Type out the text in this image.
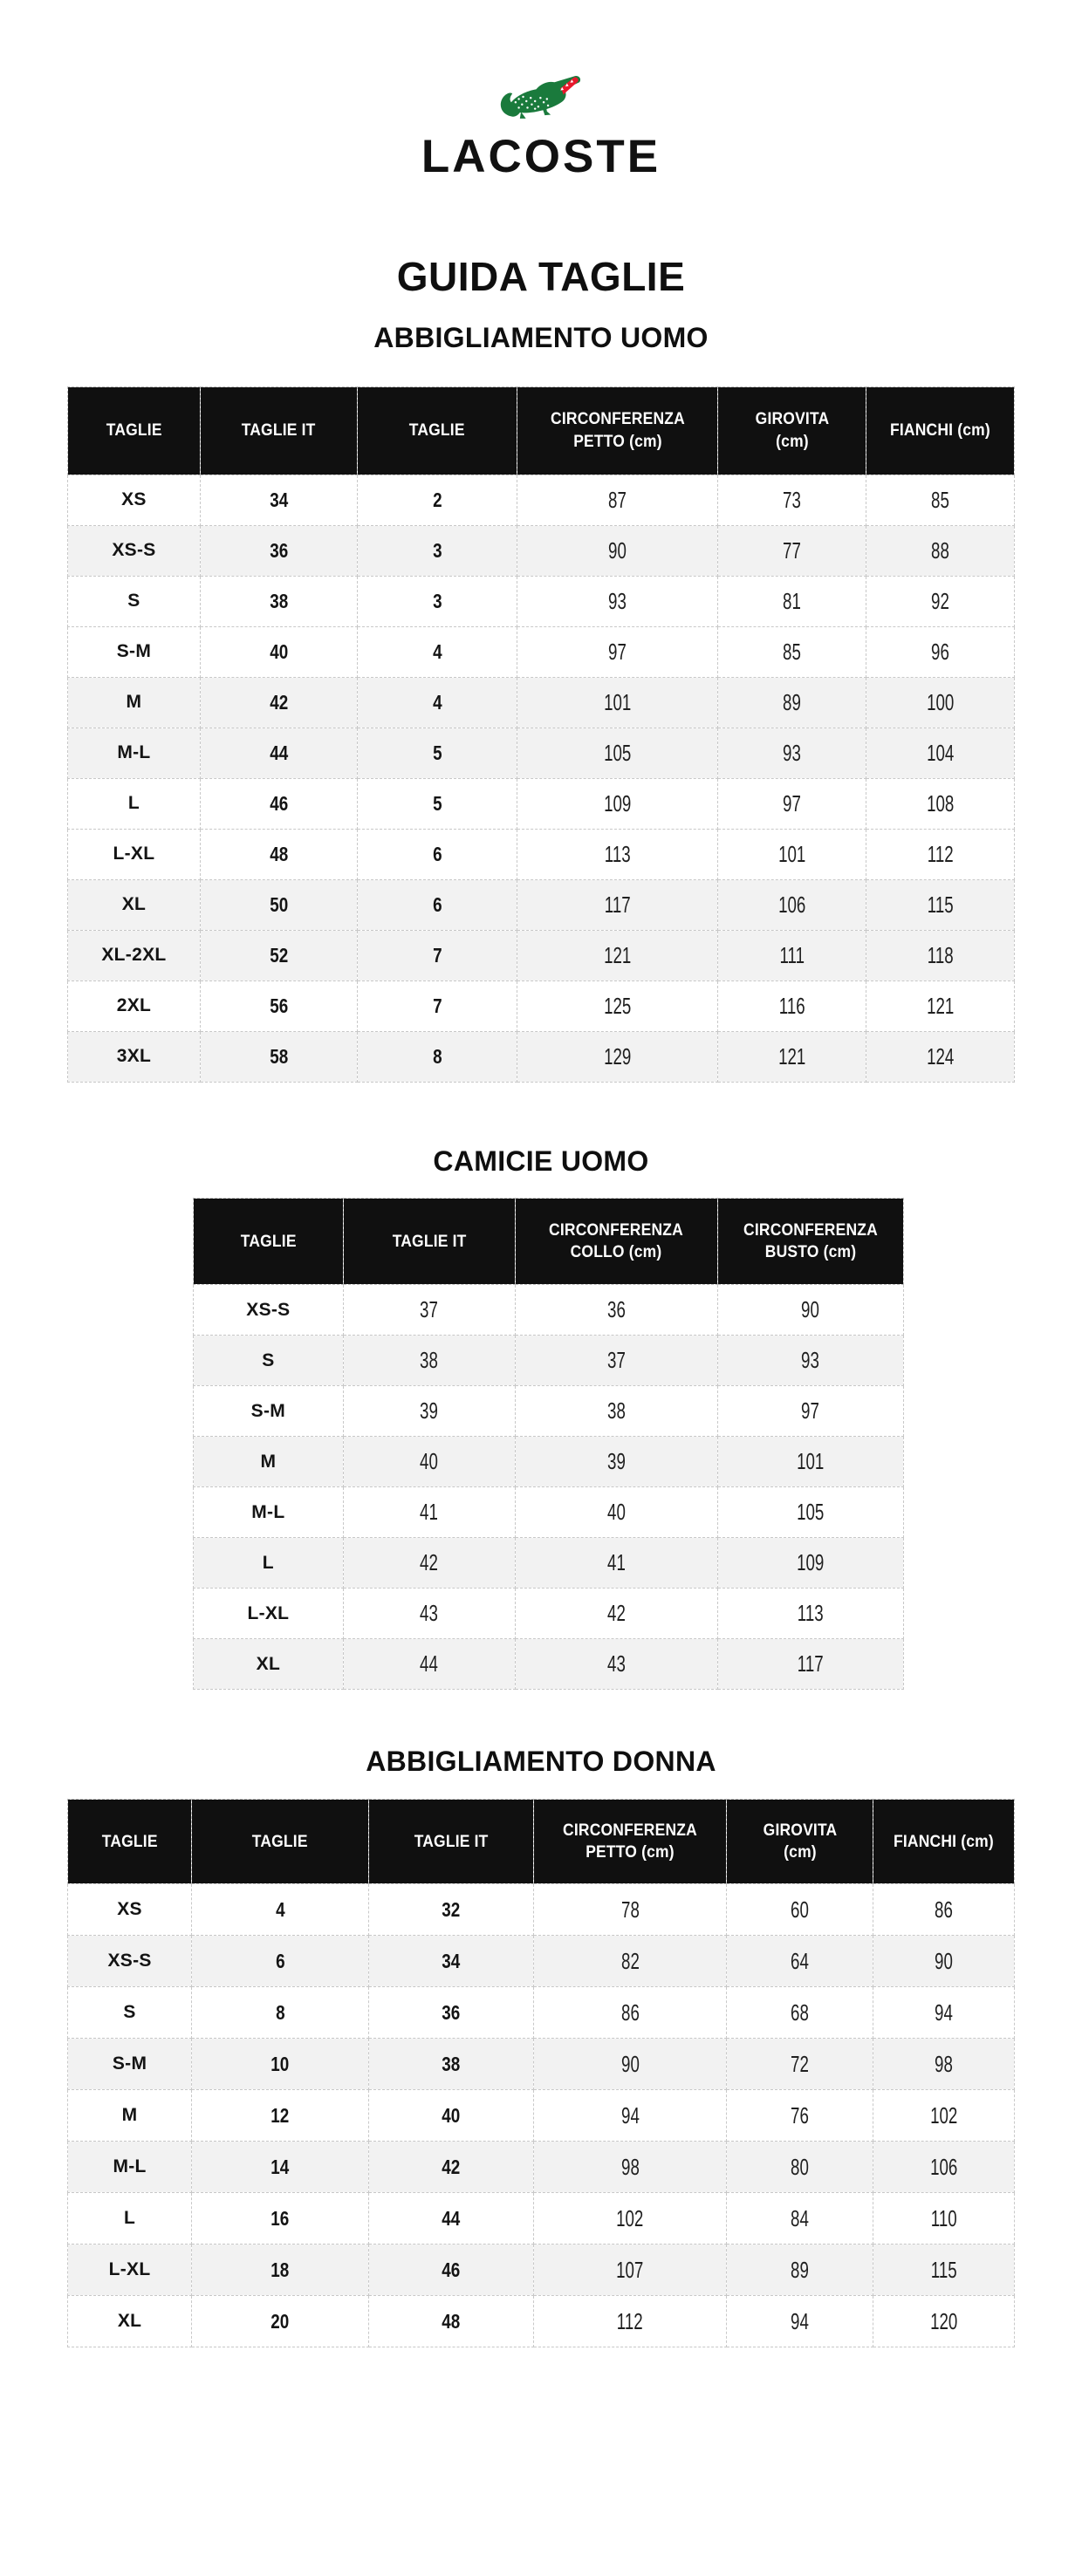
LACOSTE
GUIDA TAGLIE
ABBIGLIAMENTO UOMO
TAGLIE	TAGLIE IT	TAGLIE	CIRCONFERENZA PETTO (cm)	GIROVITA (cm)	FIANCHI (cm)
XS	34	2	87	73	85
XS-S	36	3	90	77	88
S	38	3	93	81	92
S-M	40	4	97	85	96
M	42	4	101	89	100
M-L	44	5	105	93	104
L	46	5	109	97	108
L-XL	48	6	113	101	112
XL	50	6	117	106	115
XL-2XL	52	7	121	111	118
2XL	56	7	125	116	121
3XL	58	8	129	121	124
CAMICIE UOMO
TAGLIE	TAGLIE IT	CIRCONFERENZA COLLO (cm)	CIRCONFERENZA BUSTO (cm)
XS-S	37	36	90
S	38	37	93
S-M	39	38	97
M	40	39	101
M-L	41	40	105
L	42	41	109
L-XL	43	42	113
XL	44	43	117
ABBIGLIAMENTO DONNA
TAGLIE	TAGLIE	TAGLIE IT	CIRCONFERENZA PETTO (cm)	GIROVITA (cm)	FIANCHI (cm)
XS	4	32	78	60	86
XS-S	6	34	82	64	90
S	8	36	86	68	94
S-M	10	38	90	72	98
M	12	40	94	76	102
M-L	14	42	98	80	106
L	16	44	102	84	110
L-XL	18	46	107	89	115
XL	20	48	112	94	120
